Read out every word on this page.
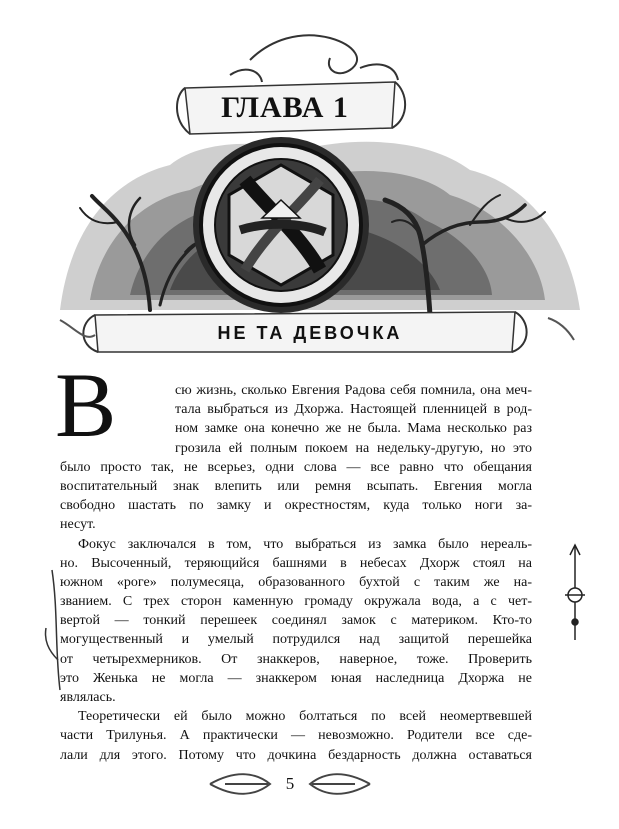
ГЛАВА 1
НЕ ТА ДЕВОЧКА
В	сю жизнь, сколько Евгения Радова себя помнила, она меч-
тала выбраться из Дхоржа. Настоящей пленницей в род-
ном замке она конечно же не была. Мама несколько раз
грозила ей полным покоем на недельку-другую, но это
было просто так, не всерьез, одни слова — все равно что обещания
воспитательный знак влепить или ремня всыпать. Евгения могла
свободно шастать по замку и окрестностям, куда только ноги за-
несут.
Фокус заключался в том, что выбраться из замка было нереаль-
но. Высоченный, теряющийся башнями в небесах Дхорж стоял на
южном «роге» полумесяца, образованного бухтой с таким же на-
званием. С трех сторон каменную громаду окружала вода, а с чет-
вертой — тонкий перешеек соединял замок с материком. Кто-то
могущественный и умелый потрудился над защитой перешейка
от четырехмерников. От знаккеров, наверное, тоже. Проверить
это Женька не могла — знаккером юная наследница Дхоржа не
являлась.
Теоретически ей было можно болтаться по всей неомертвевшей
части Трилунья. А практически — невозможно. Родители все сде-
лали для этого. Потому что дочкина бездарность должна оставаться
5
